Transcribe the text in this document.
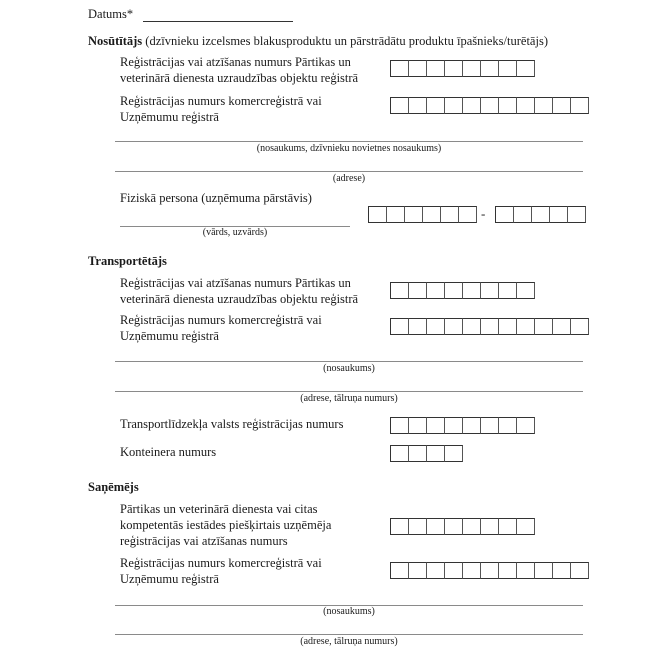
Datums*
Nosūtītājs (dzīvnieku izcelsmes blakusproduktu un pārstrādātu produktu īpašnieks/turētājs)
Reģistrācijas vai atzīšanas numurs Pārtikas un
veterinārā dienesta uzraudzības objektu reģistrā
Reģistrācijas numurs komercreģistrā vai
Uzņēmumu reģistrā
(nosaukums, dzīvnieku novietnes nosaukums)
(adrese)
Fiziskā persona (uzņēmuma pārstāvis)
(vārds, uzvārds)
-
Transportētājs
Reģistrācijas vai atzīšanas numurs Pārtikas un
veterinārā dienesta uzraudzības objektu reģistrā
Reģistrācijas numurs komercreģistrā vai
Uzņēmumu reģistrā
(nosaukums)
(adrese, tālruņa numurs)
Transportlīdzekļa valsts reģistrācijas numurs
Konteinera numurs
Saņēmējs
Pārtikas un veterinārā dienesta vai citas
kompetentās iestādes piešķirtais uzņēmēja
reģistrācijas vai atzīšanas numurs
Reģistrācijas numurs komercreģistrā vai
Uzņēmumu reģistrā
(nosaukums)
(adrese, tālruņa numurs)
